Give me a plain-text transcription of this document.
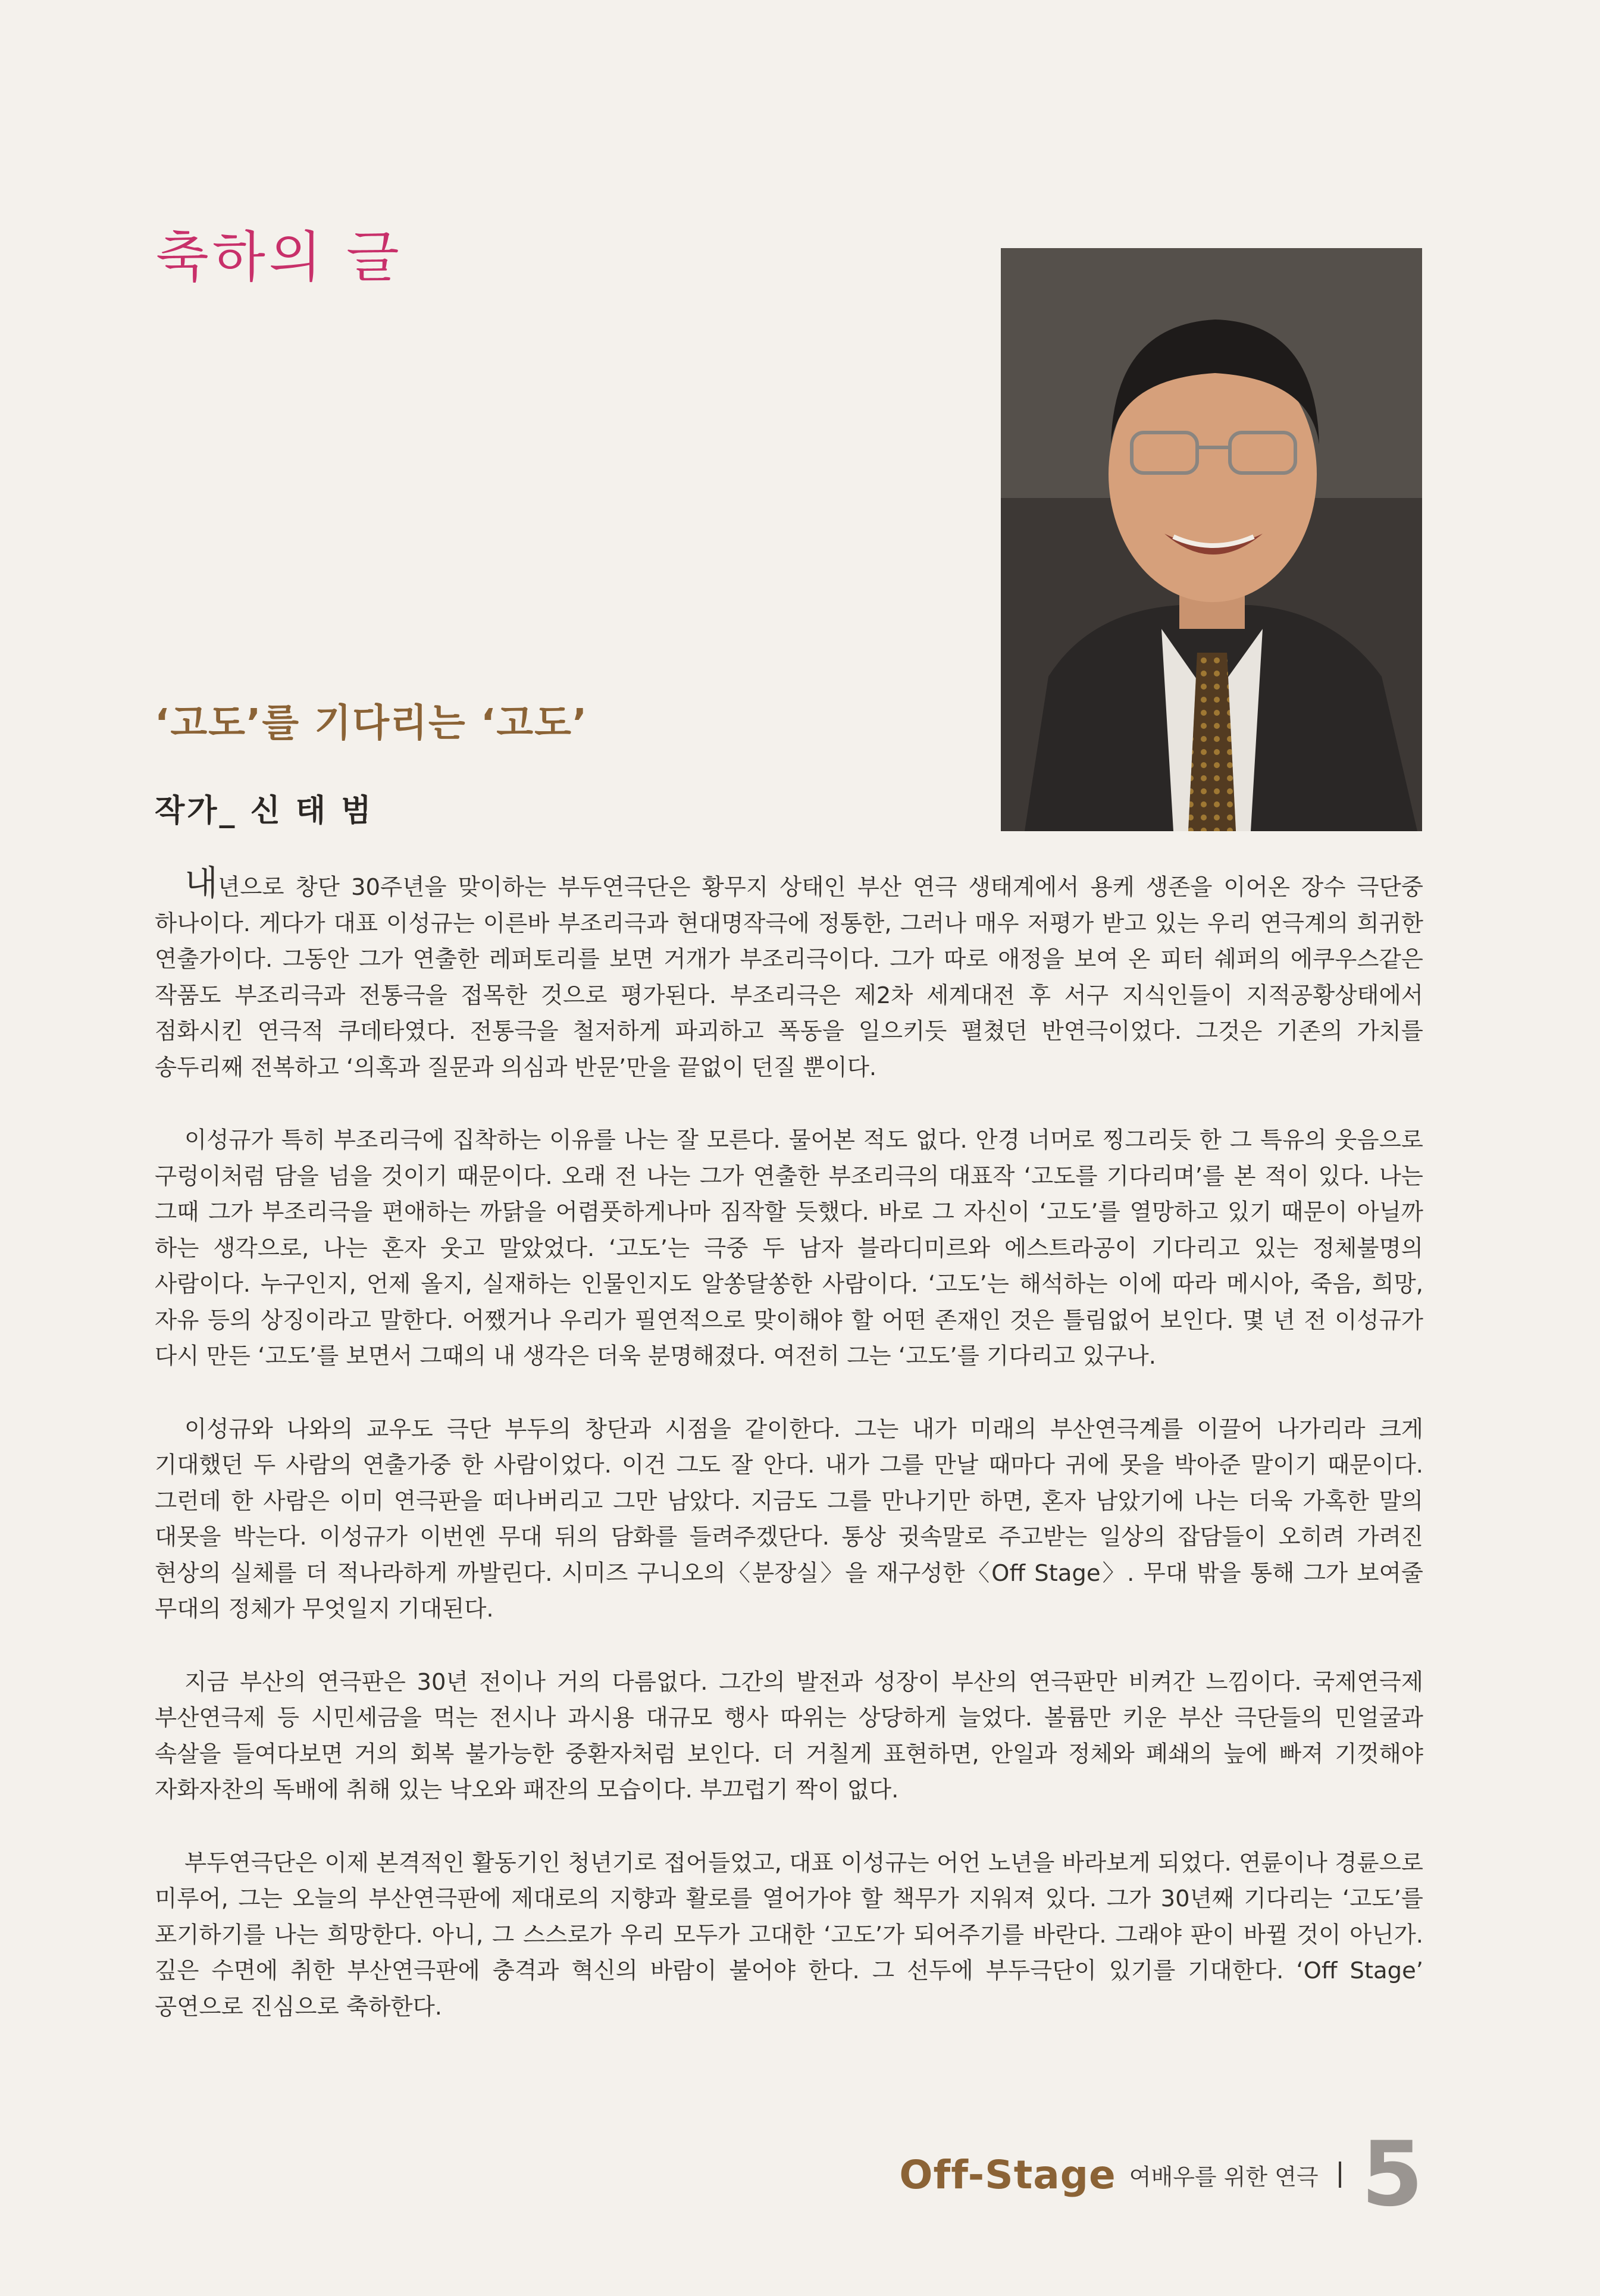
축하의 글
‘고도’를 기다리는 ‘고도’

작가_ 신 태 범

내년으로 창단 30주년을 맞이하는 부두연극단은 황무지 상태인 부산 연극 생태계에서 용케 생존을 이어온 장수 극단중 하나이다. 게다가 대표 이성규는 이른바 부조리극과 현대명작극에 정통한, 그러나 매우 저평가 받고 있는 우리 연극계의 희귀한 연출가이다. 그동안 그가 연출한 레퍼토리를 보면 거개가 부조리극이다. 그가 따로 애정을 보여 온 피터 쉐퍼의 에쿠우스같은 작품도 부조리극과 전통극을 접목한 것으로 평가된다. 부조리극은 제2차 세계대전 후 서구 지식인들이 지적공황상태에서 점화시킨 연극적 쿠데타였다. 전통극을 철저하게 파괴하고 폭동을 일으키듯 펼쳤던 반연극이었다. 그것은 기존의 가치를 송두리째 전복하고 ‘의혹과 질문과 의심과 반문’만을 끝없이 던질 뿐이다.

이성규가 특히 부조리극에 집착하는 이유를 나는 잘 모른다. 물어본 적도 없다. 안경 너머로 찡그리듯 한 그 특유의 웃음으로 구렁이처럼 담을 넘을 것이기 때문이다. 오래 전 나는 그가 연출한 부조리극의 대표작 ‘고도를 기다리며’를 본 적이 있다. 나는 그때 그가 부조리극을 편애하는 까닭을 어렴풋하게나마 짐작할 듯했다. 바로 그 자신이 ‘고도’를 열망하고 있기 때문이 아닐까 하는 생각으로, 나는 혼자 웃고 말았었다. ‘고도’는 극중 두 남자 블라디미르와 에스트라공이 기다리고 있는 정체불명의 사람이다. 누구인지, 언제 올지, 실재하는 인물인지도 알쏭달쏭한 사람이다. ‘고도’는 해석하는 이에 따라 메시아, 죽음, 희망, 자유 등의 상징이라고 말한다. 어쨌거나 우리가 필연적으로 맞이해야 할 어떤 존재인 것은 틀림없어 보인다. 몇 년 전 이성규가 다시 만든 ‘고도’를 보면서 그때의 내 생각은 더욱 분명해졌다. 여전히 그는 ‘고도’를 기다리고 있구나.

이성규와 나와의 교우도 극단 부두의 창단과 시점을 같이한다. 그는 내가 미래의 부산연극계를 이끌어 나가리라 크게 기대했던 두 사람의 연출가중 한 사람이었다. 이건 그도 잘 안다. 내가 그를 만날 때마다 귀에 못을 박아준 말이기 때문이다. 그런데 한 사람은 이미 연극판을 떠나버리고 그만 남았다. 지금도 그를 만나기만 하면, 혼자 남았기에 나는 더욱 가혹한 말의 대못을 박는다. 이성규가 이번엔 무대 뒤의 담화를 들려주겠단다. 통상 귓속말로 주고받는 일상의 잡담들이 오히려 가려진 현상의 실체를 더 적나라하게 까발린다. 시미즈 구니오의〈분장실〉을 재구성한〈Off Stage〉. 무대 밖을 통해 그가 보여줄 무대의 정체가 무엇일지 기대된다.

지금 부산의 연극판은 30년 전이나 거의 다름없다. 그간의 발전과 성장이 부산의 연극판만 비켜간 느낌이다. 국제연극제 부산연극제 등 시민세금을 먹는 전시나 과시용 대규모 행사 따위는 상당하게 늘었다. 볼륨만 키운 부산 극단들의 민얼굴과 속살을 들여다보면 거의 회복 불가능한 중환자처럼 보인다. 더 거칠게 표현하면, 안일과 정체와 폐쇄의 늪에 빠져 기껏해야 자화자찬의 독배에 취해 있는 낙오와 패잔의 모습이다. 부끄럽기 짝이 없다.

부두연극단은 이제 본격적인 활동기인 청년기로 접어들었고, 대표 이성규는 어언 노년을 바라보게 되었다. 연륜이나 경륜으로 미루어, 그는 오늘의 부산연극판에 제대로의 지향과 활로를 열어가야 할 책무가 지워져 있다. 그가 30년째 기다리는 ‘고도’를 포기하기를 나는 희망한다. 아니, 그 스스로가 우리 모두가 고대한 ‘고도’가 되어주기를 바란다. 그래야 판이 바뀔 것이 아닌가. 깊은 수면에 취한 부산연극판에 충격과 혁신의 바람이 불어야 한다. 그 선두에 부두극단이 있기를 기대한다. ‘Off Stage’ 공연으로 진심으로 축하한다.

Off-Stage 여배우를 위한 연극 5
